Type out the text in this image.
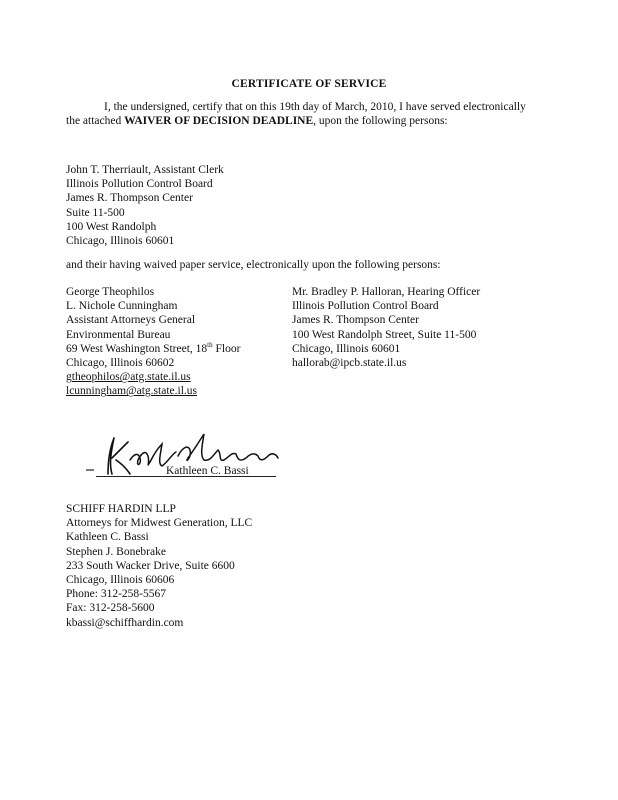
CERTIFICATE OF SERVICE
I, the undersigned, certify that on this 19th day of March, 2010, I have served electronically the attached WAIVER OF DECISION DEADLINE, upon the following persons:
John T. Therriault, Assistant Clerk
Illinois Pollution Control Board
James R. Thompson Center
Suite 11-500
100 West Randolph
Chicago, Illinois 60601
and their having waived paper service, electronically upon the following persons:
George Theophilos
L. Nichole Cunningham
Assistant Attorneys General
Environmental Bureau
69 West Washington Street, 18th Floor
Chicago, Illinois 60602
gtheophilos@atg.state.il.us
lcunningham@atg.state.il.us
Mr. Bradley P. Halloran, Hearing Officer
Illinois Pollution Control Board
James R. Thompson Center
100 West Randolph Street, Suite 11-500
Chicago, Illinois 60601
hallorab@ipcb.state.il.us
Kathleen C. Bassi
SCHIFF HARDIN LLP
Attorneys for Midwest Generation, LLC
Kathleen C. Bassi
Stephen J. Bonebrake
233 South Wacker Drive, Suite 6600
Chicago, Illinois 60606
Phone: 312-258-5567
Fax: 312-258-5600
kbassi@schiffhardin.com
